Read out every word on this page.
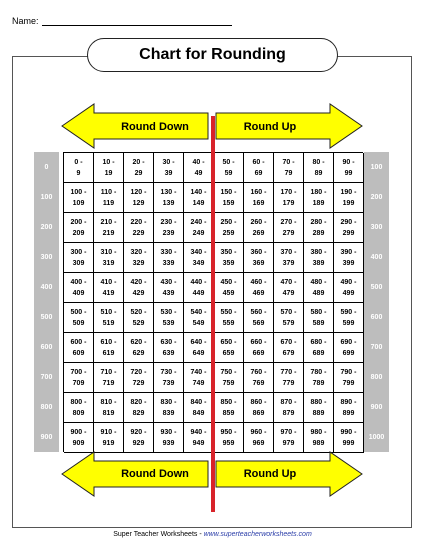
Name:
Chart for Rounding
Round Down	Round Up
0
100
200
300
400
500
600
700
800
900
100
200
300
400
500
600
700
800
900
1000
0 -
9
10 -
19
20 -
29
30 -
39
40 -
49
50 -
59
60 -
69
70 -
79
80 -
89
90 -
99
100 -
109
110 -
119
120 -
129
130 -
139
140 -
149
150 -
159
160 -
169
170 -
179
180 -
189
190 -
199
200 -
209
210 -
219
220 -
229
230 -
239
240 -
249
250 -
259
260 -
269
270 -
279
280 -
289
290 -
299
300 -
309
310 -
319
320 -
329
330 -
339
340 -
349
350 -
359
360 -
369
370 -
379
380 -
389
390 -
399
400 -
409
410 -
419
420 -
429
430 -
439
440 -
449
450 -
459
460 -
469
470 -
479
480 -
489
490 -
499
500 -
509
510 -
519
520 -
529
530 -
539
540 -
549
550 -
559
560 -
569
570 -
579
580 -
589
590 -
599
600 -
609
610 -
619
620 -
629
630 -
639
640 -
649
650 -
659
660 -
669
670 -
679
680 -
689
690 -
699
700 -
709
710 -
719
720 -
729
730 -
739
740 -
749
750 -
759
760 -
769
770 -
779
780 -
789
790 -
799
800 -
809
810 -
819
820 -
829
830 -
839
840 -
849
850 -
859
860 -
869
870 -
879
880 -
889
890 -
899
900 -
909
910 -
919
920 -
929
930 -
939
940 -
949
950 -
959
960 -
969
970 -
979
980 -
989
990 -
999
Round Down	Round Up
Super Teacher Worksheets - www.superteacherworksheets.com
